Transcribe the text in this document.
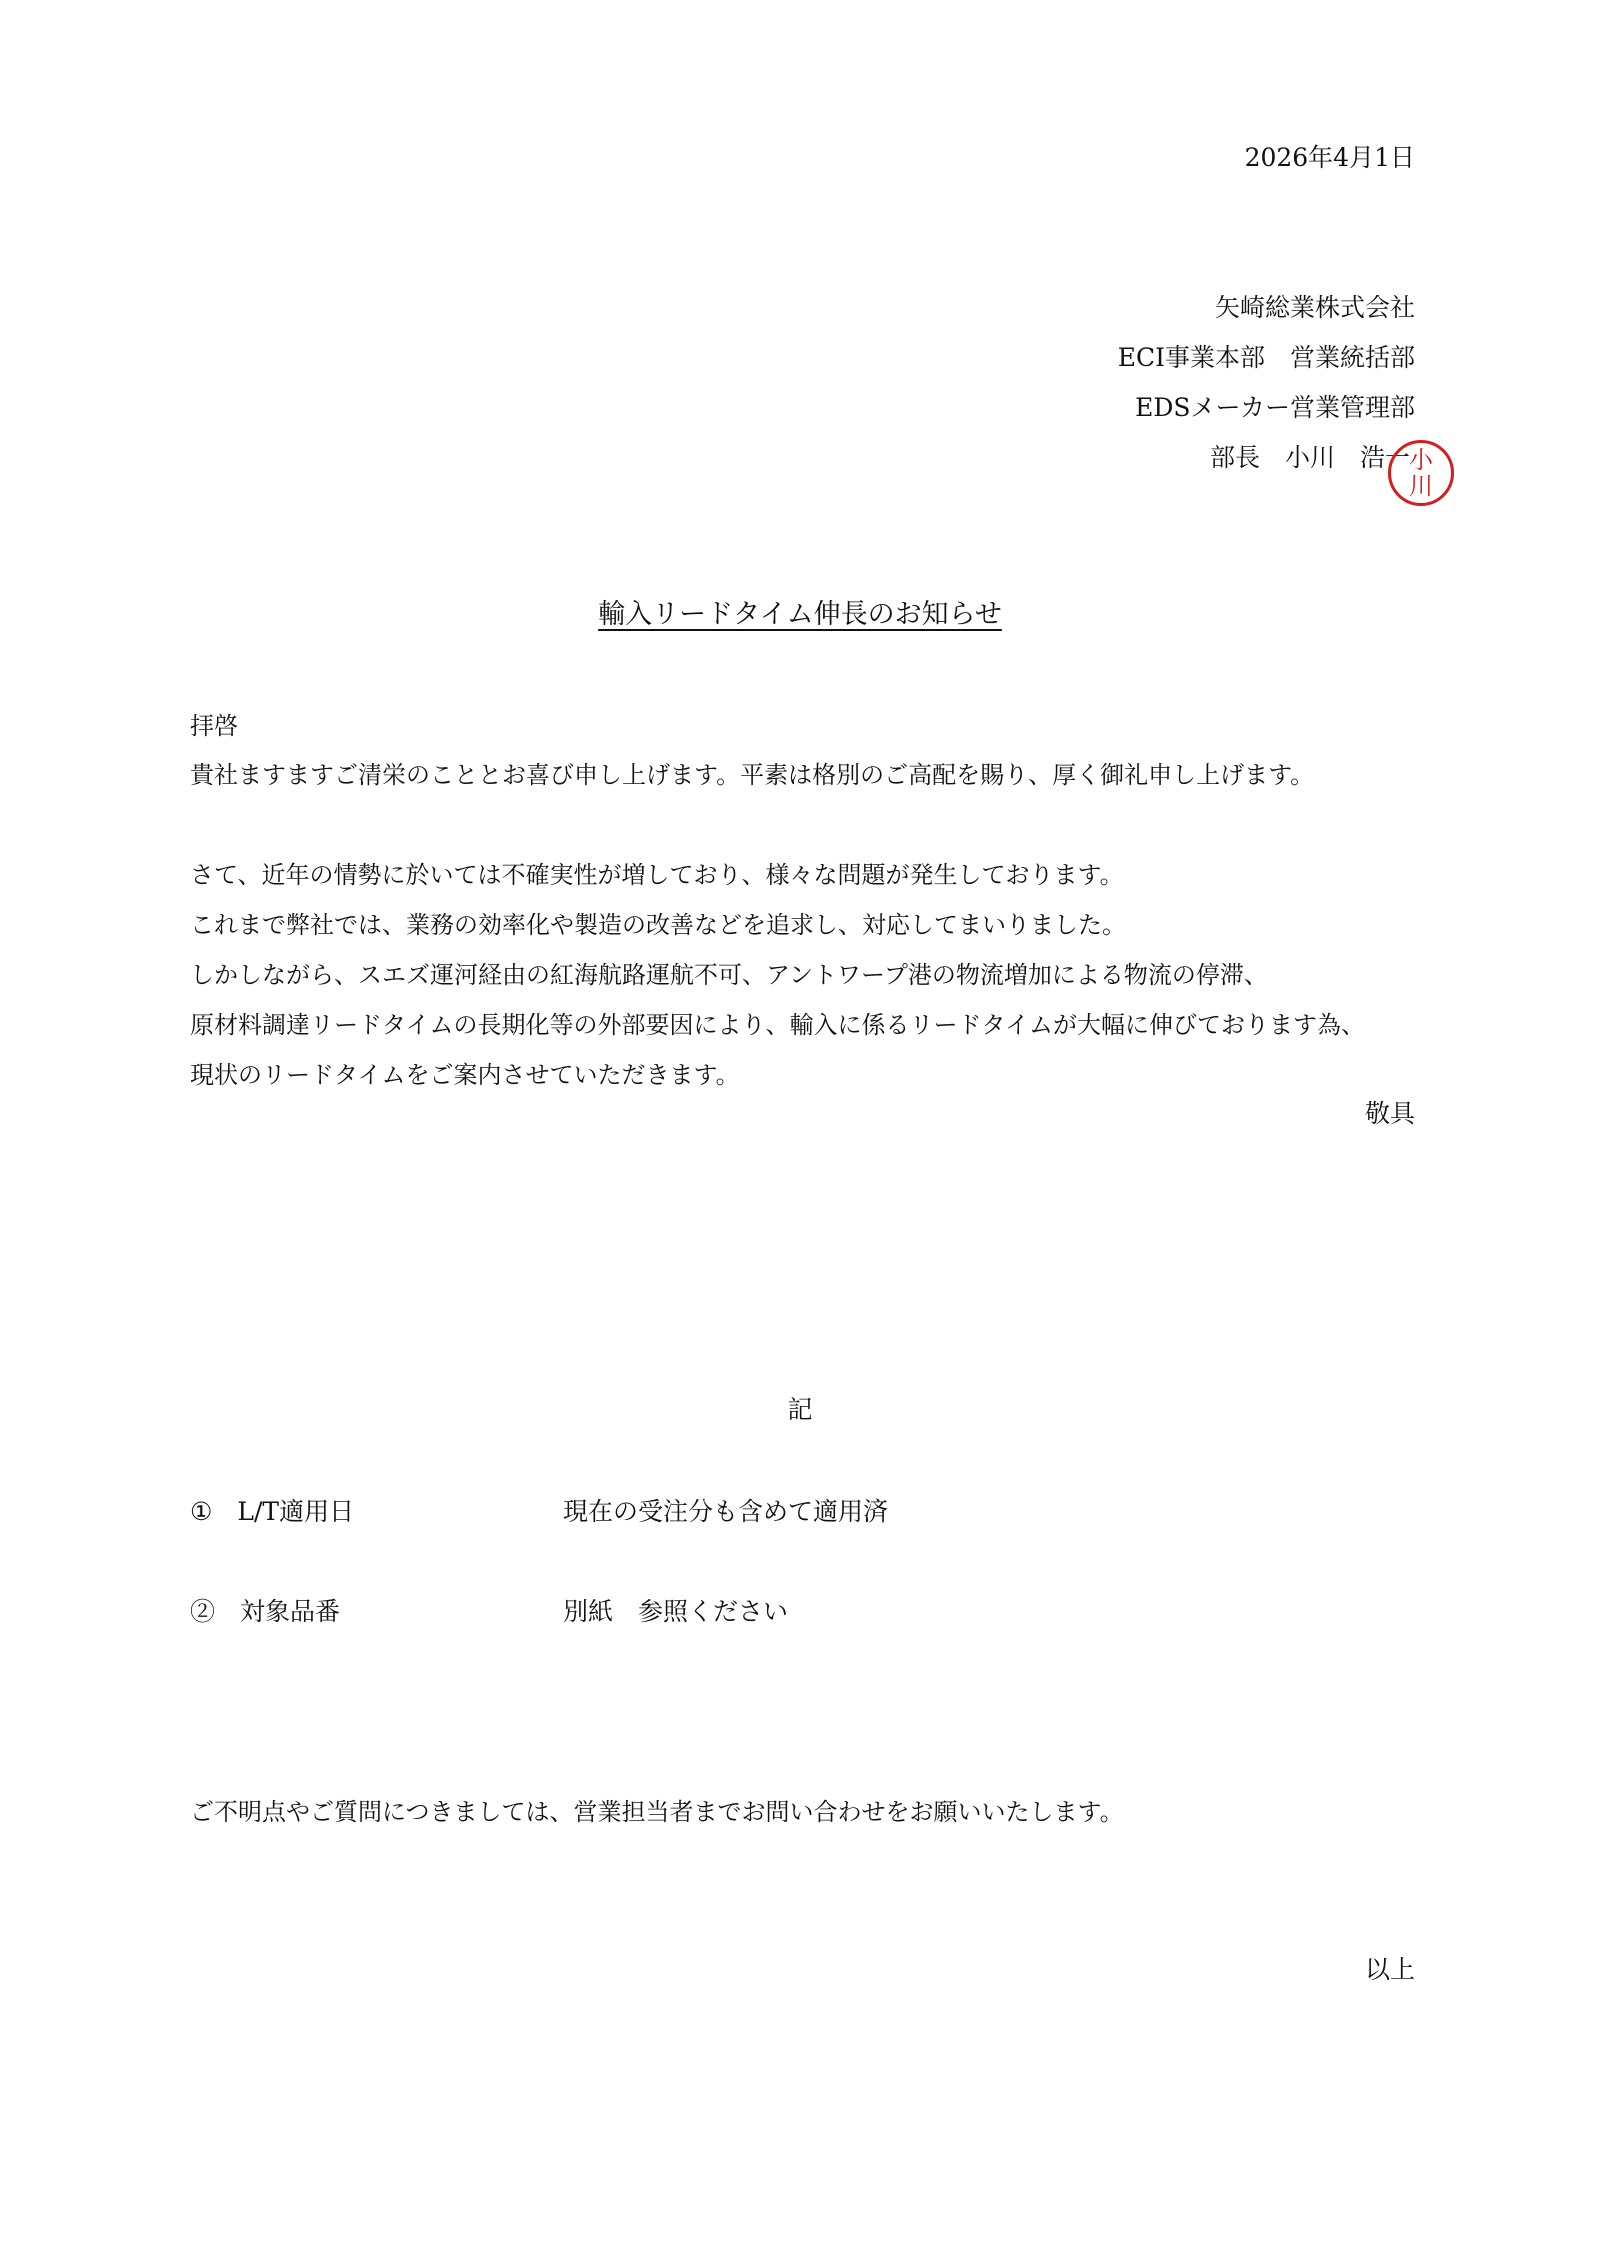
2026年4月1日
矢崎総業株式会社
ECI事業本部　営業統括部
EDSメーカー営業管理部
部長　小川　浩一 小
川
輸入リードタイム伸長のお知らせ
拝啓
貴社ますますご清栄のこととお喜び申し上げます。平素は格別のご高配を賜り、厚く御礼申し上げます。
さて、近年の情勢に於いては不確実性が増しており、様々な問題が発生しております。
これまで弊社では、業務の効率化や製造の改善などを追求し、対応してまいりました。
しかしながら、スエズ運河経由の紅海航路運航不可、アントワープ港の物流増加による物流の停滞、
原材料調達リードタイムの長期化等の外部要因により、輸入に係るリードタイムが大幅に伸びております為、
現状のリードタイムをご案内させていただきます。
敬具
記
①　L/T適用日	現在の受注分も含めて適用済
②　対象品番	別紙　参照ください
ご不明点やご質問につきましては、営業担当者までお問い合わせをお願いいたします。
以上
